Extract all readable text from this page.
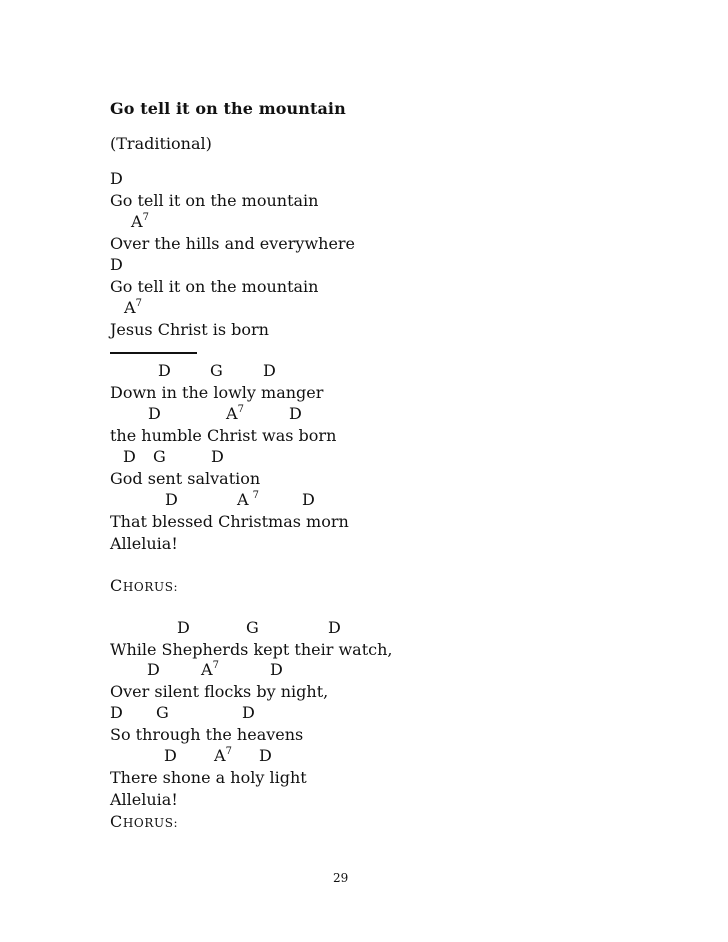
Go tell it on the mountain
(Traditional)
D
Go tell it on the mountain
$A^7$
Over the hills and everywhere
D
Go tell it on the mountain
$A^7$
Jesus Christ is born
D G	D
Down in the lowly manger
D	$A^7$	D
the humble Christ was born
D G	D
God sent salvation
D	A $^7$	D
That blessed Christmas morn
Alleluia!
CHORUS:
D	G	D
While Shepherds kept their watch,
D	$A^7$	D
Over silent flocks by night,
D G	D
So through the heavens
D $A^7$ D
There shone a holy light
Alleluia!
CHORUS:
29
